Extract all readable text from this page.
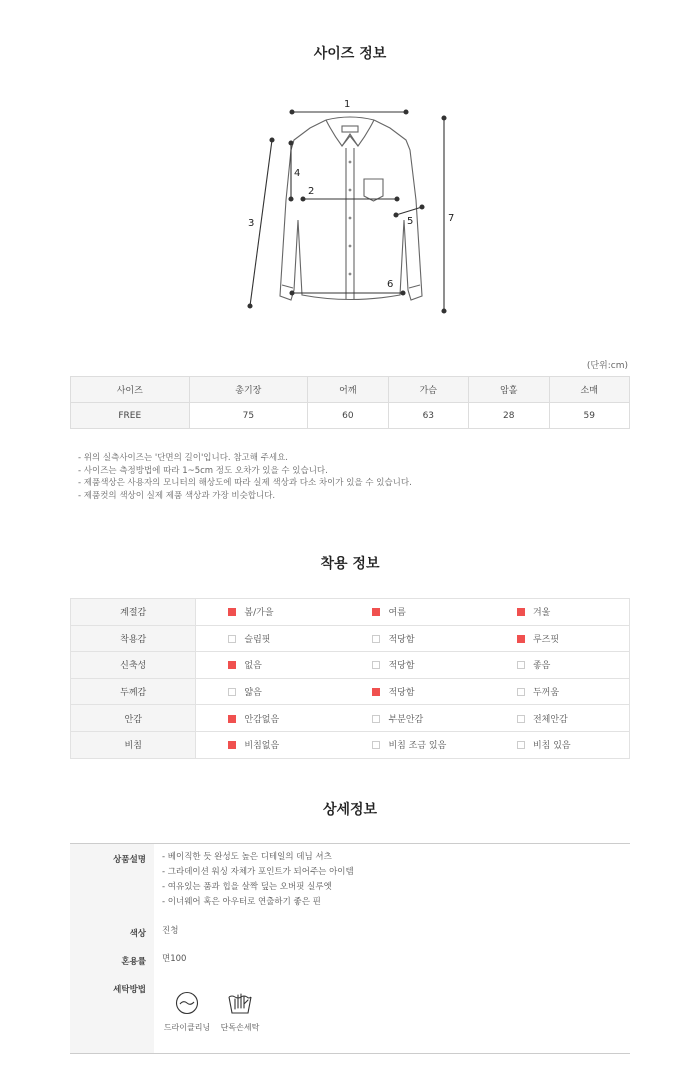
사이즈 정보
1
2
3
4
5
6
7
(단위:cm)
사이즈	총기장	어깨	가슴	암홀	소매
FREE	75	60	63	28	59
- 위의 실측사이즈는 '단면의 길이'입니다. 참고해 주세요.
- 사이즈는 측정방법에 따라 1~5cm 정도 오차가 있을 수 있습니다.
- 제품색상은 사용자의 모니터의 해상도에 따라 실제 색상과 다소 차이가 있을 수 있습니다.
- 제품컷의 색상이 실제 제품 색상과 가장 비슷합니다.
착용 정보
계절감	봄/가을	여름	겨울
착용감	슬림핏	적당함	루즈핏
신축성	없음	적당함	좋음
두께감	얇음	적당함	두꺼움
안감	안감없음	부분안감	전체안감
비침	비침없음	비침 조금 있음	비침 있음
상세정보
상품설명 - 베이직한 듯 완성도 높은 디테일의 데님 셔츠
- 그라데이션 워싱 자체가 포인트가 되어주는 아이템
- 여유있는 품과 힙을 살짝 덮는 오버핏 실루엣
- 이너웨어 혹은 아우터로 연출하기 좋은 핀
색상 진청
혼용률 면100
세탁방법
드라이클리닝	단독손세탁
